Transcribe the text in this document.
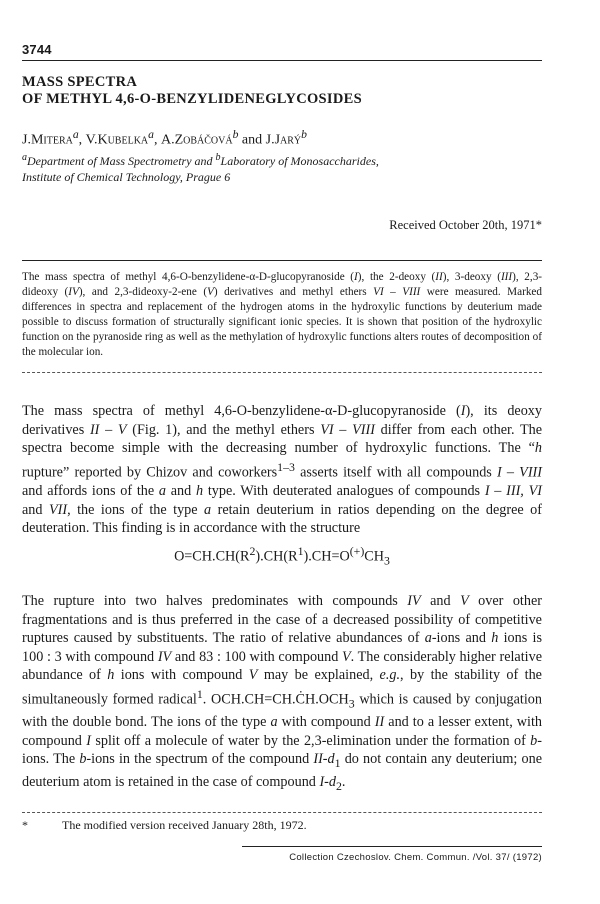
3744
MASS SPECTRA
OF METHYL 4,6-O-BENZYLIDENEGLYCOSIDES
J.Mitera$^a$, V.Kubelka$^a$, A.Zobáčová$^b$ and J.Jarý$^b$
$^a$Department of Mass Spectrometry and $^b$Laboratory of Monosaccharides,
Institute of Chemical Technology, Prague 6
Received October 20th, 1971*

The mass spectra of methyl 4,6-O-benzylidene-α-D-glucopyranoside (I), the 2-deoxy (II), 3-deoxy (III), 2,3-dideoxy (IV), and 2,3-dideoxy-2-ene (V) derivatives and methyl ethers VI – VIII were measured. Marked differences in spectra and replacement of the hydrogen atoms in the hydroxylic functions by deuterium made possible to discuss formation of structurally significant ionic species. It is shown that position of the hydroxylic function on the pyranoside ring as well as the methylation of hydroxylic functions alters routes of decomposition of the molecular ion.

The mass spectra of methyl 4,6-O-benzylidene-α-D-glucopyranoside (I), its deoxy derivatives II – V (Fig. 1), and the methyl ethers VI – VIII differ from each other. The spectra become simple with the decreasing number of hydroxylic functions. The “h rupture” reported by Chizov and coworkers$^{1-3}$ asserts itself with all compounds I – VIII and affords ions of the a and h type. With deuterated analogues of compounds I – III, VI and VII, the ions of the type a retain deuterium in ratios depending on the degree of deuteration. This finding is in accordance with the structure
$O=CH.CH(R^2).CH(R^1).CH=O^{(+)}CH_3$
The rupture into two halves predominates with compounds IV and V over other fragmentations and is thus preferred in the case of a decreased possibility of competitive ruptures caused by substituents. The ratio of relative abundances of a-ions and h ions is 100 : 3 with compound IV and 83 : 100 with compound V. The considerably higher relative abundance of h ions with compound V may be explained, e.g., by the stability of the simultaneously formed radical$^1$. $OCH.CH=CH.ĊH.OCH_3$ which is caused by conjugation with the double bond. The ions of the type a with compound II and to a lesser extent, with compound I split off a molecule of water by the 2,3-elimination under the formation of b-ions. The b-ions in the spectrum of the compound $II-d_1$ do not contain any deuterium; one deuterium atom is retained in the case of compound $I-d_2$.
*	The modified version received January 28th, 1972.
Collection Czechoslov. Chem. Commun. /Vol. 37/ (1972)
